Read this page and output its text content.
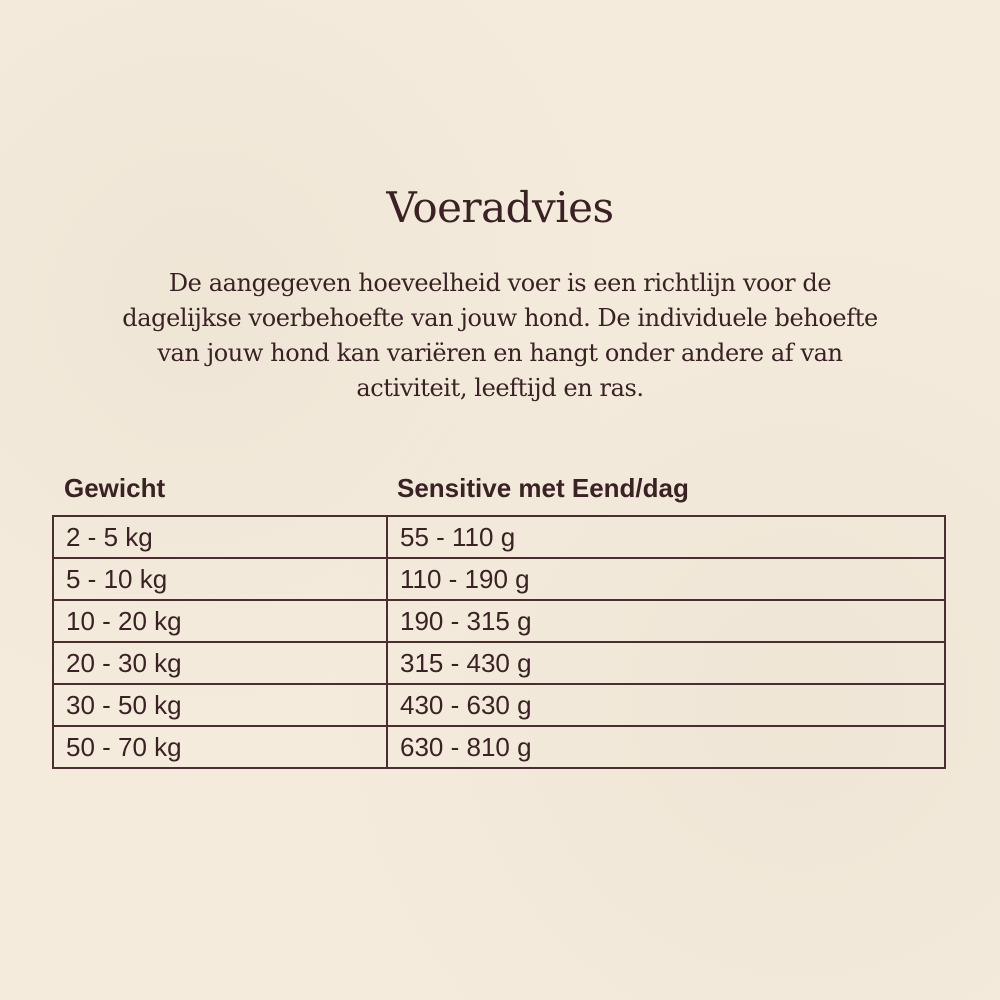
Voeradvies
De aangegeven hoeveelheid voer is een richtlijn voor de
dagelijkse voerbehoefte van jouw hond. De individuele behoefte
van jouw hond kan variëren en hangt onder andere af van
activiteit, leeftijd en ras.
Gewicht	Sensitive met Eend/dag
2 - 5 kg	55 - 110 g
5 - 10 kg	110 - 190 g
10 - 20 kg	190 - 315 g
20 - 30 kg	315 - 430 g
30 - 50 kg	430 - 630 g
50 - 70 kg	630 - 810 g
